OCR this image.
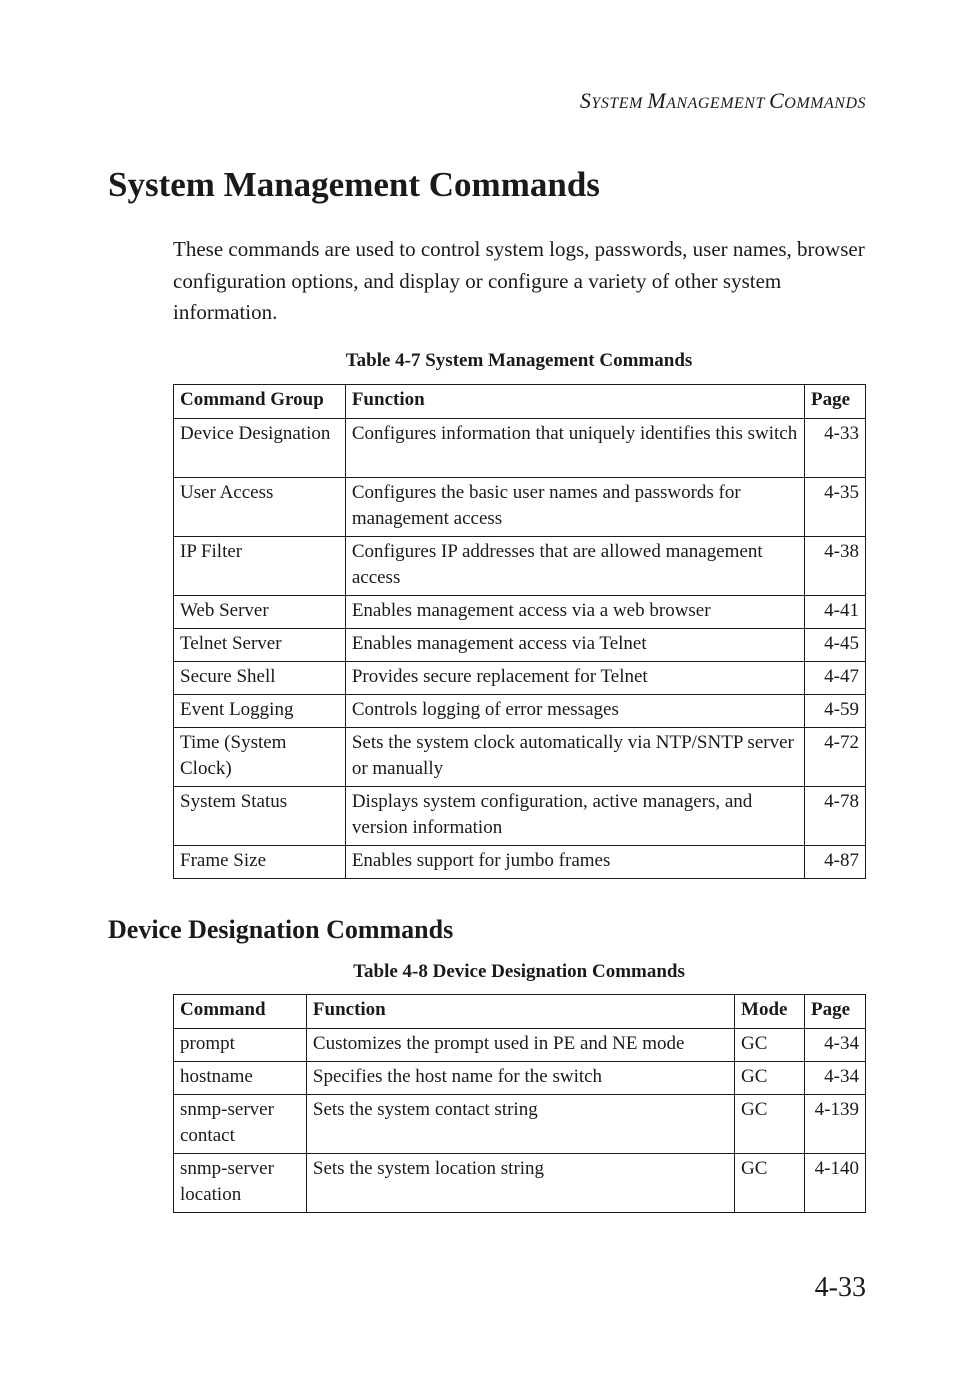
SYSTEM MANAGEMENT COMMANDS
System Management Commands

These commands are used to control system logs, passwords, user names, browser configuration options, and display or configure a variety of other system information.

Table 4-7 System Management Commands
Command Group	Function	Page
Device Designation	Configures information that uniquely identifies this switch	4-33
User Access	Configures the basic user names and passwords for management access	4-35
IP Filter	Configures IP addresses that are allowed management access	4-38
Web Server	Enables management access via a web browser	4-41
Telnet Server	Enables management access via Telnet	4-45
Secure Shell	Provides secure replacement for Telnet	4-47
Event Logging	Controls logging of error messages	4-59
Time (System Clock)	Sets the system clock automatically via NTP/SNTP server or manually	4-72
System Status	Displays system configuration, active managers, and version information	4-78
Frame Size	Enables support for jumbo frames	4-87
Device Designation Commands
Table 4-8 Device Designation Commands
Command	Function	Mode	Page
prompt	Customizes the prompt used in PE and NE mode	GC	4-34
hostname	Specifies the host name for the switch	GC	4-34
snmp-server contact	Sets the system contact string	GC	4-139
snmp-server location	Sets the system location string	GC	4-140
4-33
